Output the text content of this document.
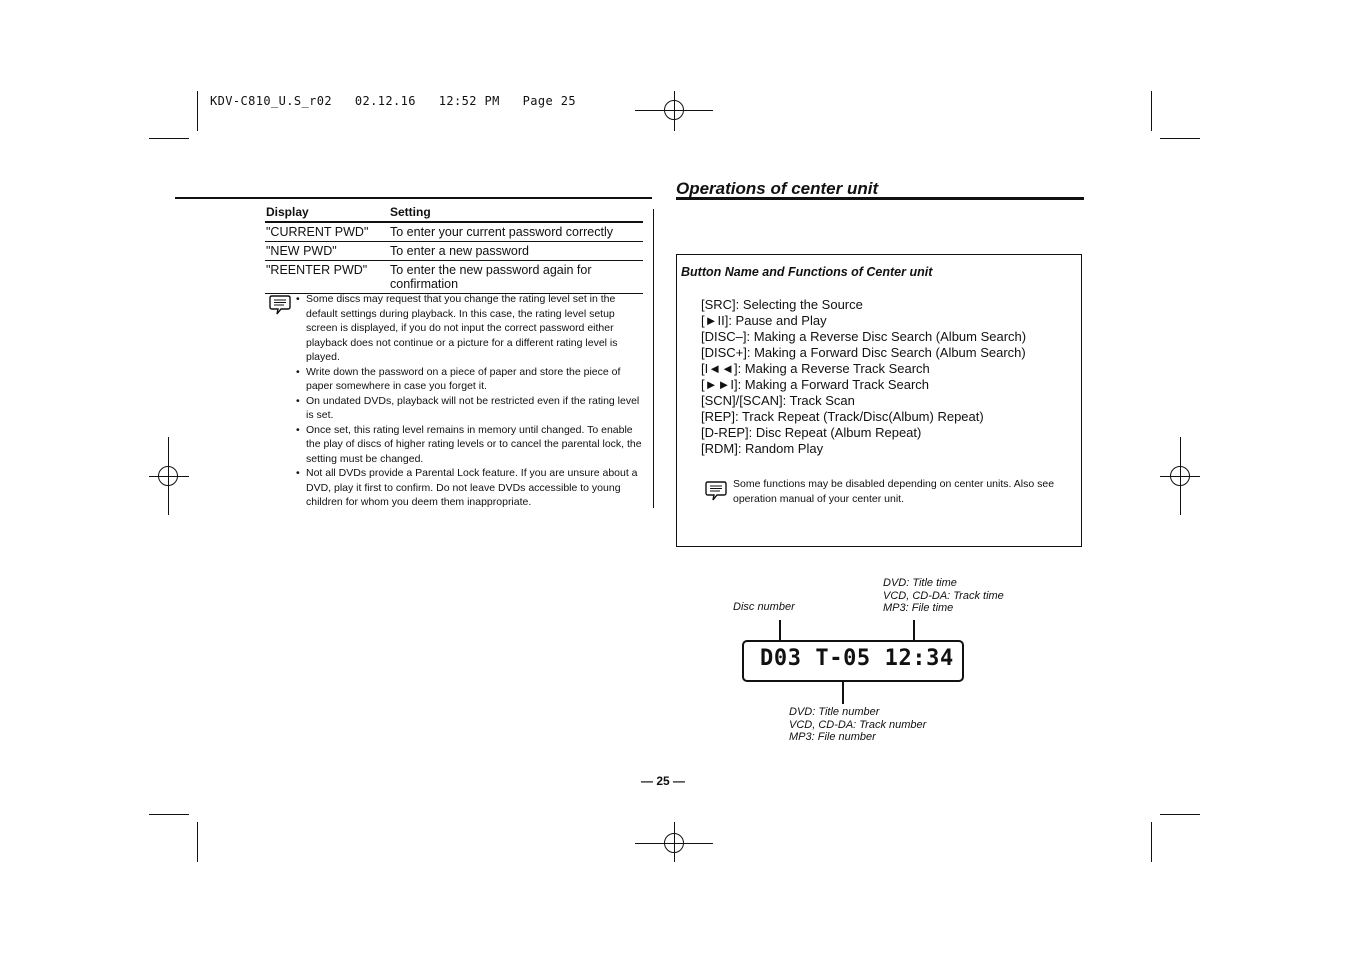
KDV-C810_U.S_r02   02.12.16   12:52 PM   Page 25
Operations of center unit
Display	Setting
"CURRENT PWD"	To enter your current password correctly
"NEW PWD"	To enter a new password
"REENTER PWD"	To enter the new password again for confirmation
• Some discs may request that you change the rating level set in the default settings during playback. In this case, the rating level setup screen is displayed, if you do not input the correct password either playback does not continue or a picture for a different rating level is played.
• Write down the password on a piece of paper and store the piece of paper somewhere in case you forget it.
• On undated DVDs, playback will not be restricted even if the rating level is set.
• Once set, this rating level remains in memory until changed. To enable the play of discs of higher rating levels or to cancel the parental lock, the setting must be changed.
• Not all DVDs provide a Parental Lock feature. If you are unsure about a DVD, play it first to confirm. Do not leave DVDs accessible to young children for whom you deem them inappropriate.
Button Name and Functions of Center unit
[SRC]: Selecting the Source
[►II]: Pause and Play
[DISC–]: Making a Reverse Disc Search (Album Search)
[DISC+]: Making a Forward Disc Search (Album Search)
[I◄◄]: Making a Reverse Track Search
[►►I]: Making a Forward Track Search
[SCN]/[SCAN]: Track Scan
[REP]: Track Repeat (Track/Disc(Album) Repeat)
[D-REP]: Disc Repeat (Album Repeat)
[RDM]: Random Play
Some functions may be disabled depending on center units. Also see operation manual of your center unit.
Disc number
DVD: Title time
VCD, CD-DA: Track time
MP3: File time
D03 T-05 12:34
DVD: Title number
VCD, CD-DA: Track number
MP3: File number
— 25 —
